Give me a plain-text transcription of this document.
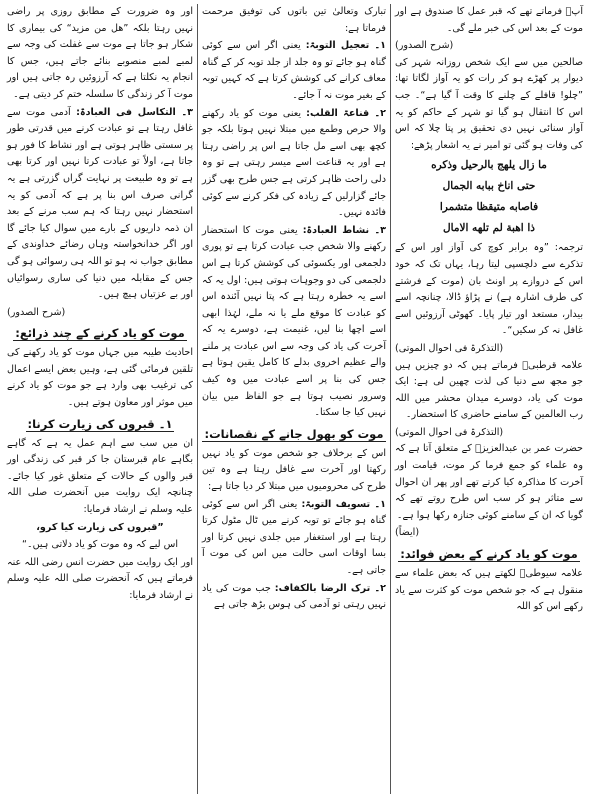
آپؐ فرماتے تھے کہ قبر عمل کا صندوق ہے اور موت کے بعد اس کی خبر ملے گی۔

(شرح الصدور)

صالحین میں سے ایک شخص روزانہ شہر کی دیوار پر کھڑے ہو کر رات کو یہ آواز لگاتا تھا: ”چلو! قافلے کے چلنے کا وقت آ گیا ہے“۔ جب اس کا انتقال ہو گیا تو شہر کے حاکم کو یہ آواز سنائی نہیں دی تحقیق پر پتا چلا کہ اس کی وفات ہو گئی تو امیر نے یہ اشعار پڑھے:

ما زال يلهج بالرحيل وذكره
حتى اناخ ببابه الجمال
فاصابه متيقظا متشمرا
ذا اهبة لم تلهه الامال

ترجمہ: ”وہ برابر کوچ کی آواز اور اس کے تذکرے سے دلچسپی لیتا رہا، یہاں تک کہ خود اس کے دروازے پر اونٹ بان (موت کے فرشتے کی طرف اشارہ ہے) نے پڑاؤ ڈالا، چنانچہ اسے بیدار، مستعد اور تیار پایا۔ کھوٹی آرزوئیں اسے غافل نہ کر سکیں“۔

(التذکرۃ فی احوال الموتی)

علامہ قرطبیؒ فرماتے ہیں کہ دو چیزیں ہیں جو مجھ سے دنیا کی لذت چھین لی ہے: ایک موت کی یاد، دوسرے میدان محشر میں اللہ رب العالمین کے سامنے حاضری کا استحضار۔

(التذکرۃ فی احوال الموتی)

حضرت عمر بن عبدالعزیزؒ کے متعلق آتا ہے کہ وہ علماء کو جمع فرما کر موت، قیامت اور آخرت کا مذاکرہ کیا کرتے تھے اور پھر ان احوال سے متاثر ہو کر سب اس طرح روتے تھے کہ گویا کہ ان کے سامنے کوئی جنازہ رکھا ہوا ہے۔

(ایضاً)
موت کو یاد کرنے کے بعض فوائد:

علامہ سیوطیؒ لکھتے ہیں کہ بعض علماء سے منقول ہے کہ جو شخص موت کو کثرت سے یاد رکھے اس کو اللہ

تبارک وتعالیٰ تین باتوں کی توفیق مرحمت فرماتا ہے:

۱۔ تعجیل التوبۃ: یعنی اگر اس سے کوئی گناہ ہو جائے تو وہ جلد از جلد توبہ کر کے گناہ معاف کرانے کی کوشش کرتا ہے کہ کہیں توبہ کے بغیر موت نہ آ جائے۔

۲۔ قناعۃ القلب: یعنی موت کو یاد رکھنے والا حرص وطمع میں مبتلا نہیں ہوتا بلکہ جو کچھ بھی اسے مل جاتا ہے اس پر راضی رہتا ہے اور یہ قناعت اسے میسر رہتی ہے تو وہ دلی راحت ظاہر کرتی ہے جس طرح بھی گزر جائے گزارلیں کے زیادہ کی فکر کرنے سے کوئی فائدہ نہیں۔

۳۔ نشاط العبادۃ: یعنی موت کا استحضار رکھنے والا شخص جب عبادت کرتا ہے تو پوری دلجمعی اور یکسوئی کی کوشش کرتا ہے اس دلجمعی کی دو وجوہات ہوتی ہیں: اول یہ کہ اسے یہ خطرہ رہتا ہے کہ پتا نہیں آئندہ اس کو عبادت کا موقع ملے یا نہ ملے، لہٰذا ابھی اسے اچھا بنا لیں، غنیمت ہے، دوسرے یہ کہ آخرت کی یاد کی وجہ سے اس عبادت پر ملنے والے عظیم اخروی بدلے کا کامل یقین ہوتا ہے جس کی بنا پر اسے عبادت میں وہ کیف وسرور نصیب ہوتا ہے جو الفاظ میں بیان نہیں کیا جا سکتا۔

موت کو بھول جانے کے نقصانات:

اس کے برخلاف جو شخص موت کو یاد نہیں رکھتا اور آخرت سے غافل رہتا ہے وہ تین طرح کی محرومیوں میں مبتلا کر دیا جاتا ہے:

۱۔ تسویف التوبۃ: یعنی اگر اس سے کوئی گناہ ہو جائے تو توبہ کرنے میں ٹال مٹول کرتا رہتا ہے اور استغفار میں جلدی نہیں کرتا اور بسا اوقات اسی حالت میں اس کی موت آ جاتی ہے۔

۲۔ ترک الرضا بالکفاف: جب موت کی یاد نہیں رہتی تو آدمی کی ہوس بڑھ جاتی ہے

اور وہ ضرورت کے مطابق روزی پر راضی نہیں رہتا بلکہ ”ھل من مزید“ کی بیماری کا شکار ہو جاتا ہے موت سے غفلت کی وجہ سے لمبے لمبے منصوبے بنائے جاتے ہیں، جس کا انجام یہ نکلتا ہے کہ آرزوئیں رہ جاتی ہیں اور موت آ کر زندگی کا سلسلہ ختم کر دیتی ہے۔

۳۔ التکاسل فی العبادۃ: آدمی موت سے غافل رہتا ہے تو عبادت کرنے میں قدرتی طور پر سستی ظاہر ہوتی ہے اور نشاط کا فور ہو جاتا ہے، اولاً تو عبادت کرتا نہیں اور کرتا بھی ہے تو وہ طبیعت پر نہایت گراں گزرتی ہے یہ گرانی صرف اس بنا پر ہے کہ آدمی کو یہ استحضار نہیں رہتا کہ ہم سب مرنے کے بعد ان ذمہ داریوں کے بارے میں سوال کیا جائے گا اور اگر خدانخواستہ وہاں رضائے خداوندی کے مطابق جواب نہ ہو تو اللہ ہی رسوائی ہو گی جس کے مقابلہ میں دنیا کی ساری رسوائیاں اور بے عزتیاں ہیچ ہیں۔

(شرح الصدور)
موت کو یاد کرنے کے چند ذرائع:

احادیث طیبہ میں جہاں موت کو یاد رکھنے کی تلقین فرمائی گئی ہے، وہیں بعض ایسے اعمال کی ترغیب بھی وارد ہے جو موت کو یاد کرنے میں موثر اور معاون ہوتے ہیں۔

۱۔ قبروں کی زیارت کرنا:

ان میں سب سے اہم عمل یہ ہے کہ گاہے بگاہے عام قبرستان جا کر قبر کی زندگی اور قبر والوں کے حالات کے متعلق غور کیا جائے۔ چنانچہ ایک روایت میں آنحضرت صلی اللہ علیہ وسلم نے ارشاد فرمایا:

”قبروں کی زیارت کیا کرو،

اس لیے کہ وہ موت کو یاد دلاتی ہیں۔“

اور ایک روایت میں حضرت انس رضی اللہ عنہ فرماتے ہیں کہ آنحضرت صلی اللہ علیہ وسلم نے ارشاد فرمایا:
